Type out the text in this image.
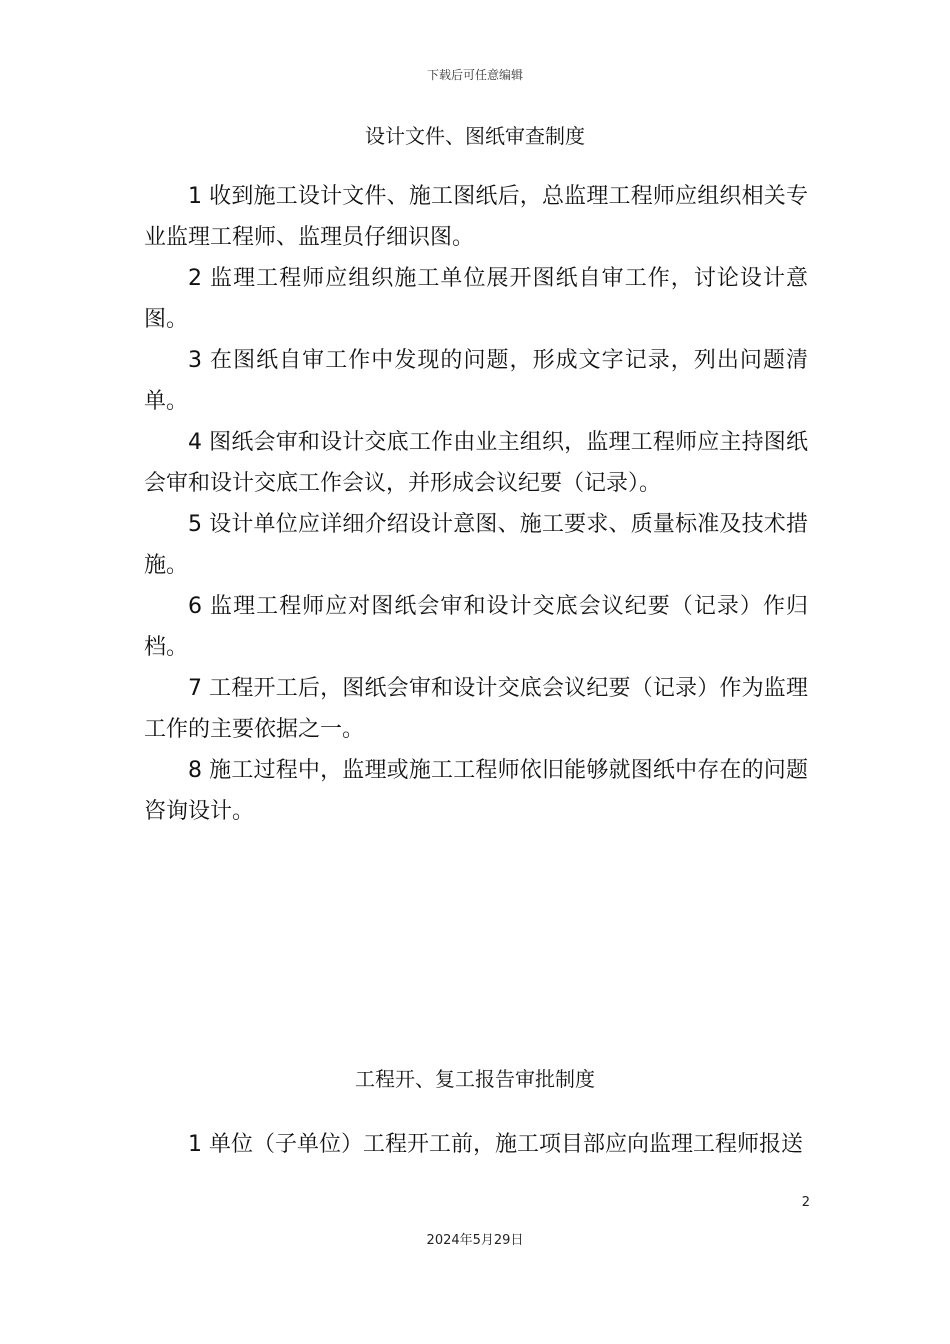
下载后可任意编辑
设计文件、图纸审查制度

1 收到施工设计文件、施工图纸后，总监理工程师应组织相关专业监理工程师、监理员仔细识图。

2 监理工程师应组织施工单位展开图纸自审工作，讨论设计意图。

3 在图纸自审工作中发现的问题，形成文字记录，列出问题清单。

4 图纸会审和设计交底工作由业主组织，监理工程师应主持图纸会审和设计交底工作会议，并形成会议纪要（记录）。

5 设计单位应详细介绍设计意图、施工要求、质量标准及技术措施。

6 监理工程师应对图纸会审和设计交底会议纪要（记录）作归档。

7 工程开工后，图纸会审和设计交底会议纪要（记录）作为监理工作的主要依据之一。

8 施工过程中，监理或施工工程师依旧能够就图纸中存在的问题咨询设计。

工程开、复工报告审批制度

1 单位（子单位）工程开工前，施工项目部应向监理工程师报送

2
2024年5月29日
